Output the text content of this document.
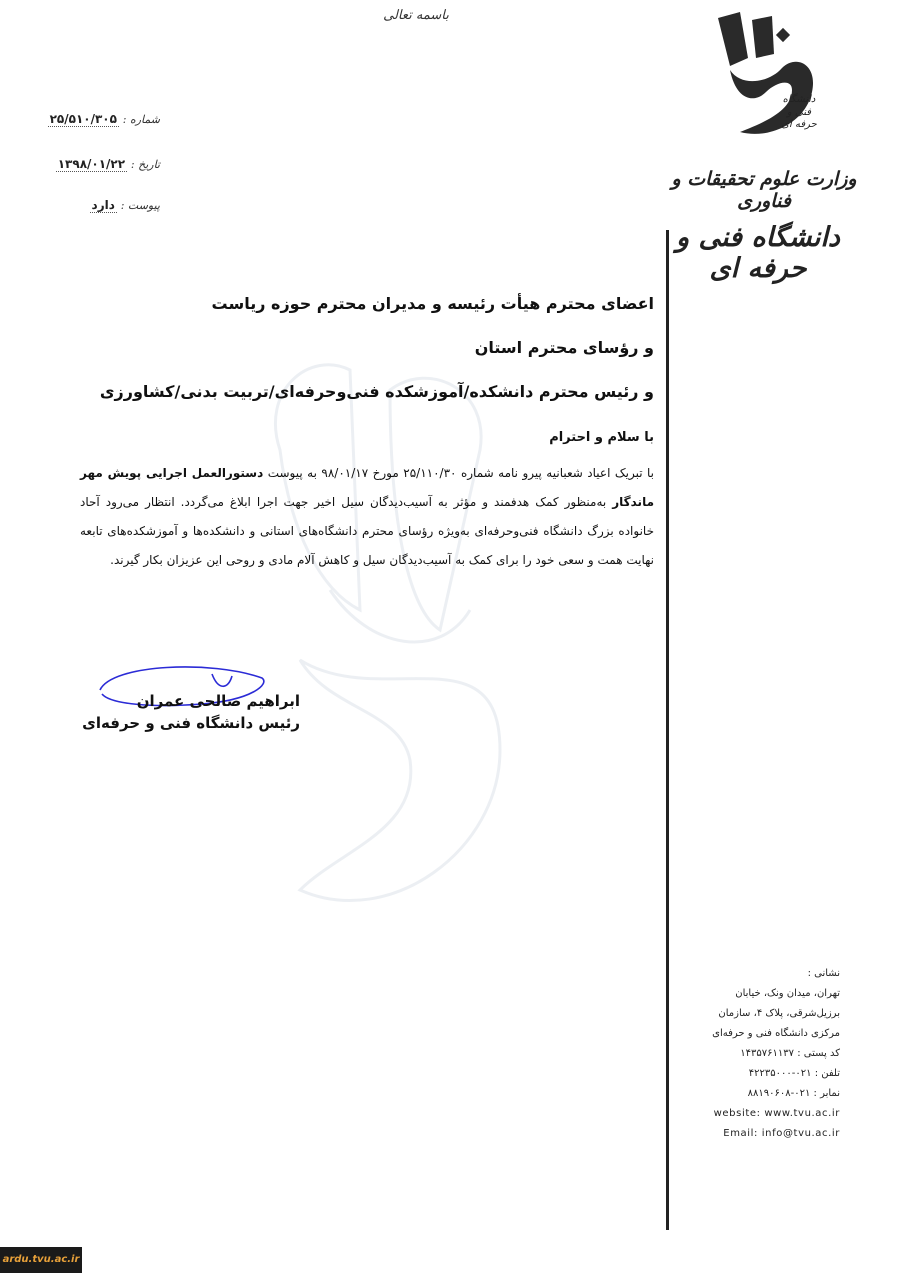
باسمه تعالی
دانشگاه فنی و حرفه ای
وزارت علوم تحقیقات و فناوری
دانشگاه فنی و حرفه ای
شماره : ۲۵/۵۱۰/۳۰۵
تاریخ : ۱۳۹۸/۰۱/۲۲
پیوست : دارد
اعضای محترم هیأت رئیسه و مدیران محترم حوزه ریاست
و رؤسای محترم استان
و رئیس محترم دانشکده/آموزشکده فنی‌وحرفه‌ای/تربیت بدنی/کشاورزی
با سلام و احترام

با تبریک اعیاد شعبانیه پیرو نامه شماره ۲۵/۱۱۰/۳۰ مورخ ۹۸/۰۱/۱۷ به پیوست دستورالعمل اجرایی پویش مهر ماندگار به‌منظور کمک هدفمند و مؤثر به آسیب‌دیدگان سیل اخیر جهت اجرا ابلاغ می‌گردد. انتظار می‌رود آحاد خانواده بزرگ دانشگاه فنی‌وحرفه‌ای به‌ویژه رؤسای محترم دانشگاه‌های استانی و دانشکده‌ها و آموزشکده‌های تابعه نهایت همت و سعی خود را برای کمک به آسیب‌دیدگان سیل و کاهش آلام مادی و روحی این عزیزان بکار گیرند.

ابراهیم صالحی عمران
رئیس دانشگاه فنی و حرفه‌ای
نشانی :
تهران، میدان ونک، خیابان
برزیل‌شرقی، پلاک ۴، سازمان
مرکزی دانشگاه فنی و حرفه‌ای
کد پستی : ۱۴۳۵۷۶۱۱۳۷
تلفن : ۰۲۱-۴۲۲۳۵۰۰۰
نمابر : ۰۲۱-۸۸۱۹۰۶۰۸
website: www.tvu.ac.ir
Email: info@tvu.ac.ir
ardu.tvu.ac.ir
